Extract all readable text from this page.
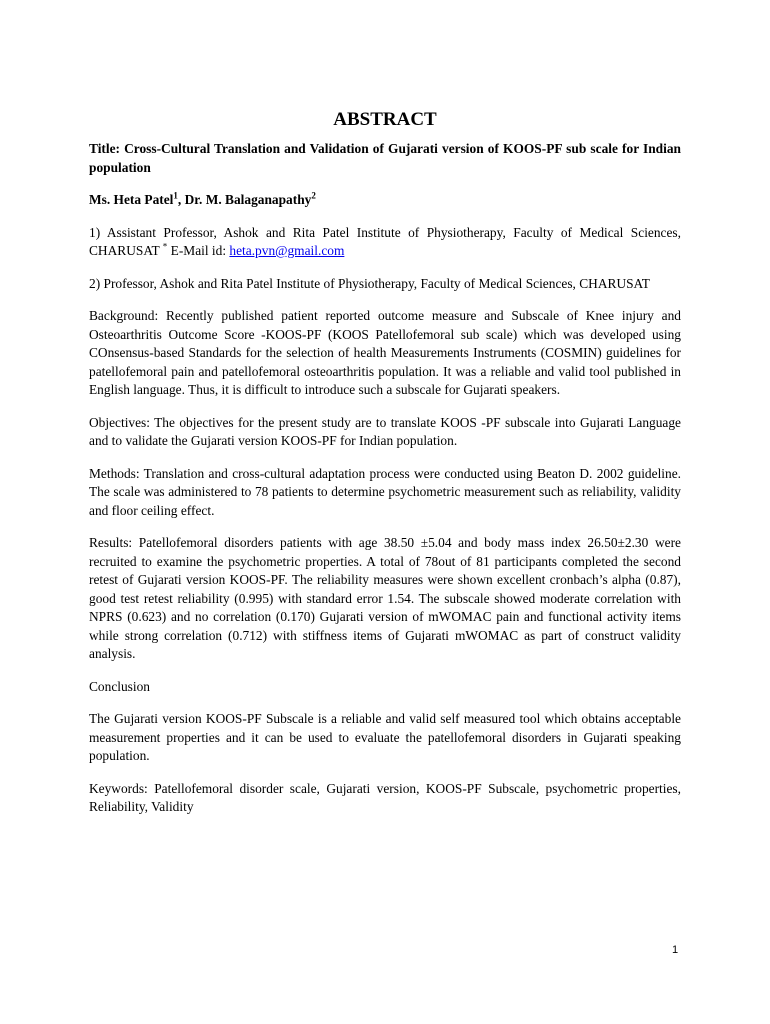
ABSTRACT

Title: Cross-Cultural Translation and Validation of Gujarati version of KOOS-PF sub scale for Indian population

Ms. Heta Patel$^1$, Dr. M. Balaganapathy$^2$

1) Assistant Professor, Ashok and Rita Patel Institute of Physiotherapy, Faculty of Medical Sciences, CHARUSAT * E-Mail id: heta.pvn@gmail.com

2) Professor, Ashok and Rita Patel Institute of Physiotherapy, Faculty of Medical Sciences, CHARUSAT

Background: Recently published patient reported outcome measure and Subscale of Knee injury and Osteoarthritis Outcome Score -KOOS-PF (KOOS Patellofemoral sub scale) which was developed using COnsensus-based Standards for the selection of health Measurements Instruments (COSMIN) guidelines for patellofemoral pain and patellofemoral osteoarthritis population. It was a reliable and valid tool published in English language. Thus, it is difficult to introduce such a subscale for Gujarati speakers.

Objectives: The objectives for the present study are to translate KOOS -PF subscale into Gujarati Language and to validate the Gujarati version KOOS-PF for Indian population.

Methods: Translation and cross-cultural adaptation process were conducted using Beaton D. 2002 guideline. The scale was administered to 78 patients to determine psychometric measurement such as reliability, validity and floor ceiling effect.

Results: Patellofemoral disorders patients with age 38.50 ±5.04 and body mass index 26.50±2.30 were recruited to examine the psychometric properties. A total of 78out of 81 participants completed the second retest of Gujarati version KOOS-PF. The reliability measures were shown excellent cronbach’s alpha (0.87), good test retest reliability (0.995) with standard error 1.54. The subscale showed moderate correlation with NPRS (0.623) and no correlation (0.170) Gujarati version of mWOMAC pain and functional activity items while strong correlation (0.712) with stiffness items of Gujarati mWOMAC as part of construct validity analysis.

Conclusion

The Gujarati version KOOS-PF Subscale is a reliable and valid self measured tool which obtains acceptable measurement properties and it can be used to evaluate the patellofemoral disorders in Gujarati speaking population.

Keywords: Patellofemoral disorder scale, Gujarati version, KOOS-PF Subscale, psychometric properties, Reliability, Validity

1
